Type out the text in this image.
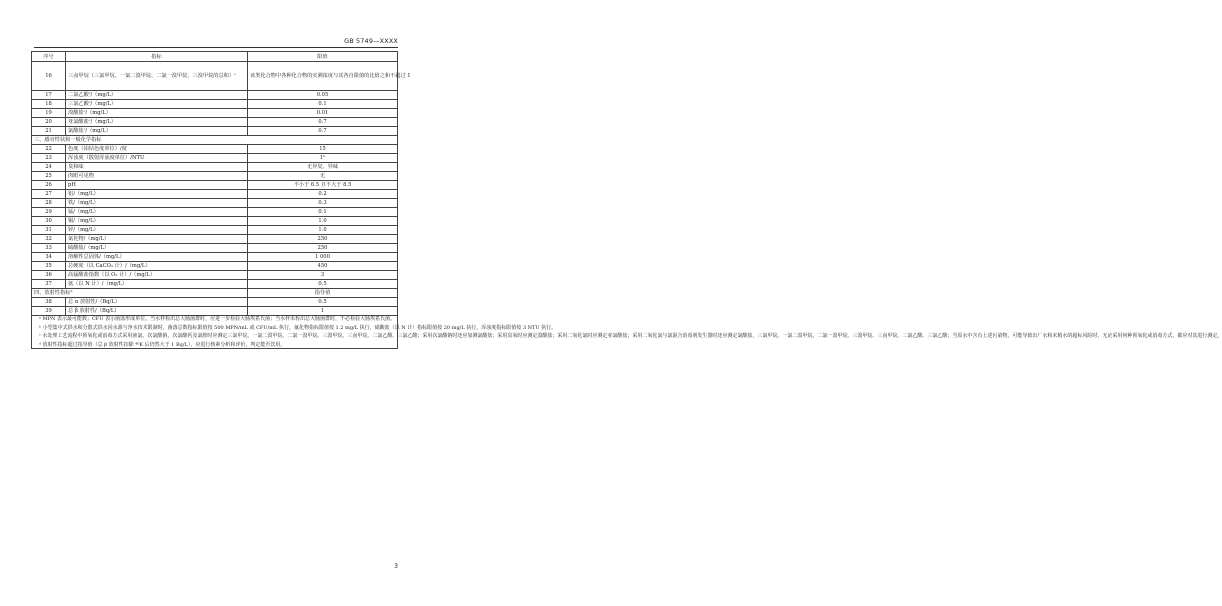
GB 5749—XXXX
序号	指标	限值
16	三卤甲烷（三氯甲烷、一氯二溴甲烷、二氯一溴甲烷、三溴甲烷的总和）ᶜ	该类化合物中各种化合物的实测浓度与其各自限值的比值之和不超过 1
17	二氯乙酸ᶜ/（mg/L）	0.05
18	三氯乙酸ᶜ/（mg/L）	0.1
19	溴酸盐ᶜ/（mg/L）	0.01
20	亚氯酸盐ᶜ/（mg/L）	0.7
21	氯酸盐ᶜ/（mg/L）	0.7
三、感官性状和一般化学指标		
22	色度（铂钴色度单位）/度	15
23	浑浊度（散射浑浊度单位）/NTU	1ᵇ
24	臭和味	无异臭、异味
25	肉眼可见物	无
26	pH	不小于 6.5 且不大于 8.5
27	铝/（mg/L）	0.2
28	铁/（mg/L）	0.3
29	锰/（mg/L）	0.1
30	铜/（mg/L）	1.0
31	锌/（mg/L）	1.0
32	氯化物/（mg/L）	250
33	硫酸盐/（mg/L）	250
34	溶解性总固体/（mg/L）	1 000
35	总硬度（以 CaCO₃ 计）/（mg/L）	450
36	高锰酸盐指数（以 O₂ 计）/（mg/L）	3
37	氨（以 N 计）/（mg/L）	0.5
四、放射性指标ᵈ		指导值
38	总 α 放射性/（Bq/L）	0.5
39	总 β 放射性/（Bq/L）	1

ᵃ MPN 表示最可能数；CFU 表示菌落形成单位。当水样检出总大肠菌群时，应进一步检验大肠埃希氏菌；当水样未检出总大肠菌群时，不必检验大肠埃希氏菌。

ᵇ 小型集中式供水和分散式供水因水源与净水技术限制时，菌落总数指标限值按 500 MPN/mL 或 CFU/mL 执行，氟化物指标限值按 1.2 mg/L 执行，硝酸盐（以 N 计）指标限值按 20 mg/L 执行，浑浊度指标限值按 3 NTU 执行。

ᶜ 水处理工艺流程中预氧化或消毒方式采用液氯、次氯酸钠、次氯酸钙及氯胺时应测定三氯甲烷、一氯二溴甲烷、二氯一溴甲烷、三溴甲烷、三卤甲烷、二氯乙酸、三氯乙酸；采用次氯酸钠时还应加测氯酸盐；采用臭氧时应测定溴酸盐；采用二氧化氯时应测定亚氯酸盐；采用二氧化氯与氯混合消毒剂发生器时还应测定氯酸盐，三氯甲烷、一氯二溴甲烷、二氯一溴甲烷、三溴甲烷、三卤甲烷、二氯乙酸、三氯乙酸；当原水中含有上述污染物，可能导致出厂水和末梢水的超标风险时，无论采用何种预氧化或消毒方式，都应对其进行测定。

ᵈ 放射性指标超过指导值（总 β 放射性扣除 ⁴⁰K 后仍然大于 1 Bq/L），应进行核素分析和评价，判定能否饮用。		

3
